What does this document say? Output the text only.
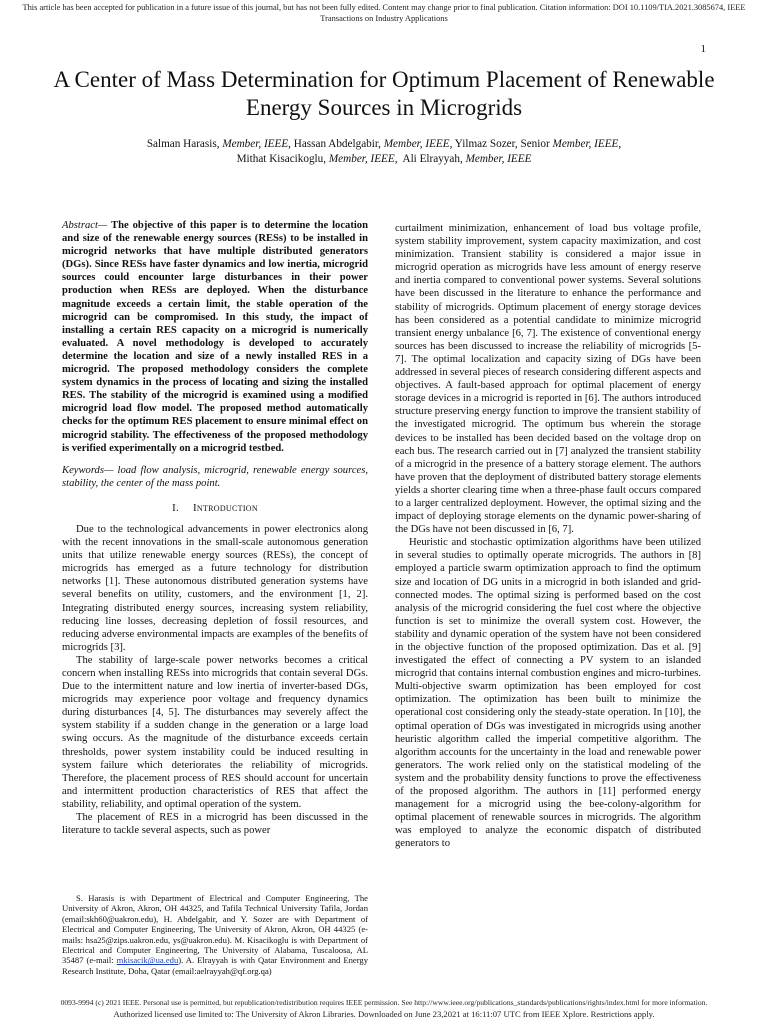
This article has been accepted for publication in a future issue of this journal, but has not been fully edited. Content may change prior to final publication. Citation information: DOI 10.1109/TIA.2021.3085674, IEEE
Transactions on Industry Applications
1
A Center of Mass Determination for Optimum Placement of Renewable Energy Sources in Microgrids
Salman Harasis, Member, IEEE, Hassan Abdelgabir, Member, IEEE, Yilmaz Sozer, Senior Member, IEEE,
Mithat Kisacikoglu, Member, IEEE,  Ali Elrayyah, Member, IEEE

Abstract— The objective of this paper is to determine the location and size of the renewable energy sources (RESs) to be installed in microgrid networks that have multiple distributed generators (DGs). Since RESs have faster dynamics and low inertia, microgrid sources could encounter large disturbances in their power production when RESs are deployed. When the disturbance magnitude exceeds a certain limit, the stable operation of the microgrid can be compromised. In this study, the impact of installing a certain RES capacity on a microgrid is numerically evaluated. A novel methodology is developed to accurately determine the location and size of a newly installed RES in a microgrid. The proposed methodology considers the complete system dynamics in the process of locating and sizing the installed RES. The stability of the microgrid is examined using a modified microgrid load flow model. The proposed method automatically checks for the optimum RES placement to ensure minimal effect on microgrid stability. The effectiveness of the proposed methodology is verified experimentally on a microgrid testbed.

Keywords— load flow analysis, microgrid, renewable energy sources, stability, the center of the mass point.

I. Introduction

Due to the technological advancements in power electronics along with the recent innovations in the small-scale autonomous generation units that utilize renewable energy sources (RESs), the concept of microgrids has emerged as a future technology for distribution networks [1]. These autonomous distributed generation systems have several benefits on utility, customers, and the environment [1, 2]. Integrating distributed energy sources, increasing system reliability, reducing line losses, decreasing depletion of fossil resources, and reducing adverse environmental impacts are examples of the benefits of microgrids [3].

The stability of large-scale power networks becomes a critical concern when installing RESs into microgrids that contain several DGs. Due to the intermittent nature and low inertia of inverter-based DGs, microgrids may experience poor voltage and frequency dynamics during disturbances [4, 5]. The disturbances may severely affect the system stability if a sudden change in the generation or a large load swing occurs. As the magnitude of the disturbance exceeds certain thresholds, power system instability could be induced resulting in system failure which deteriorates the reliability of microgrids. Therefore, the placement process of RES should account for uncertain and intermittent production characteristics of RES that affect the stability, reliability, and optimal operation of the system.

The placement of RES in a microgrid has been discussed in the literature to tackle several aspects, such as power

S. Harasis is with Department of Electrical and Computer Engineering, The University of Akron, Akron, OH 44325, and Tafila Technical University Tafila, Jordan (email:skh60@uakron.edu), H. Abdelgabir, and Y. Sozer are with Department of Electrical and Computer Engineering, The University of Akron, Akron, OH 44325 (e-mails: hsa25@zips.uakron.edu, ys@uakron.edu). M. Kisacikoglu is with Department of Electrical and Computer Engineering, The University of Alabama, Tuscaloosa, AL 35487 (e-mail: mkisacik@ua.edu). A. Elrayyah is with Qatar Environment and Energy Research Institute, Doha, Qatar (email:aelrayyah@qf.org.qa)

curtailment minimization, enhancement of load bus voltage profile, system stability improvement, system capacity maximization, and cost minimization. Transient stability is considered a major issue in microgrid operation as microgrids have less amount of energy reserve and inertia compared to conventional power systems. Several solutions have been discussed in the literature to enhance the performance and stability of microgrids. Optimum placement of energy storage devices has been considered as a potential candidate to minimize microgrid transient energy unbalance [6, 7]. The existence of conventional energy sources has been discussed to increase the reliability of microgrids [5-7]. The optimal localization and capacity sizing of DGs have been addressed in several pieces of research considering different aspects and objectives. A fault-based approach for optimal placement of energy storage devices in a microgrid is reported in [6]. The authors introduced structure preserving energy function to improve the transient stability of the investigated microgrid. The optimum bus wherein the storage devices to be installed has been decided based on the voltage drop on each bus. The research carried out in [7] analyzed the transient stability of a microgrid in the presence of a battery storage element. The authors have proven that the deployment of distributed battery storage elements yields a shorter clearing time when a three-phase fault occurs compared to a larger centralized deployment. However, the optimal sizing and the impact of deploying storage elements on the dynamic power-sharing of the DGs have not been discussed in [6, 7].

Heuristic and stochastic optimization algorithms have been utilized in several studies to optimally operate microgrids. The authors in [8] employed a particle swarm optimization approach to find the optimum size and location of DG units in a microgrid in both islanded and grid-connected modes. The optimal sizing is performed based on the cost analysis of the microgrid considering the fuel cost where the objective function is set to minimize the overall system cost. However, the stability and dynamic operation of the system have not been considered in the objective function of the proposed optimization. Das et al. [9] investigated the effect of connecting a PV system to an islanded microgrid that contains internal combustion engines and micro-turbines. Multi-objective swarm optimization has been employed for cost optimization. The optimization has been built to minimize the operational cost considering only the steady-state operation. In [10], the optimal operation of DGs was investigated in microgrids using another heuristic algorithm called the imperial competitive algorithm. The algorithm accounts for the uncertainty in the load and renewable power generators. The work relied only on the statistical modeling of the system and the probability density functions to prove the effectiveness of the proposed algorithm. The authors in [11] performed energy management for a microgrid using the bee-colony-algorithm for optimal placement of renewable sources in microgrids. The algorithm was employed to analyze the economic dispatch of distributed generators to

0093-9994 (c) 2021 IEEE. Personal use is permitted, but republication/redistribution requires IEEE permission. See http://www.ieee.org/publications_standards/publications/rights/index.html for more information.
Authorized licensed use limited to: The University of Akron Libraries. Downloaded on June 23,2021 at 16:11:07 UTC from IEEE Xplore. Restrictions apply.
